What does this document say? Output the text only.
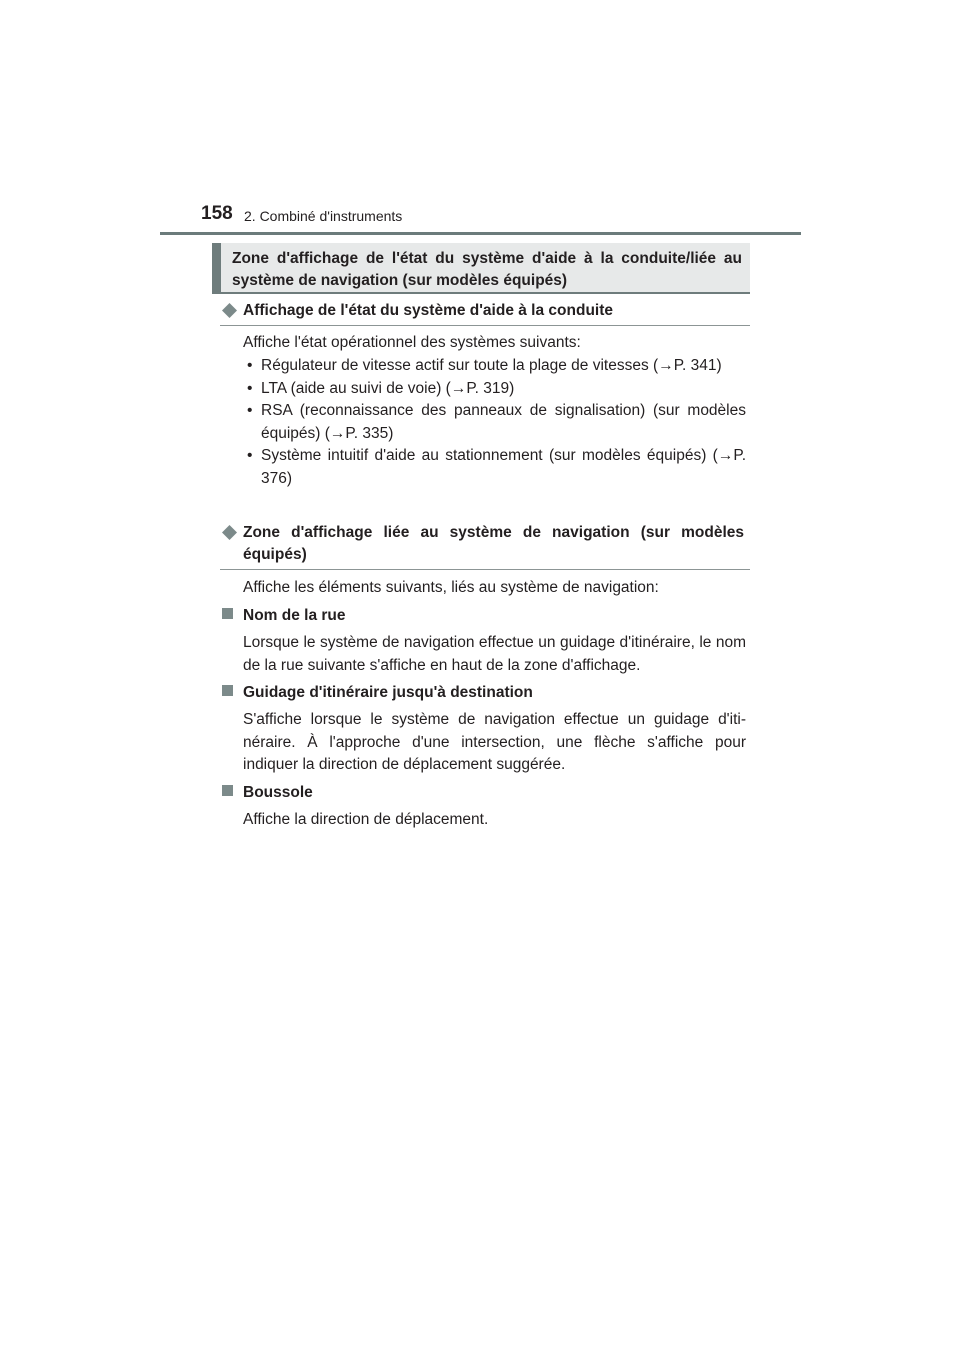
158 2. Combiné d'instruments
Zone d'affichage de l'état du système d'aide à la conduite/liée au système de navigation (sur modèles équipés)
Affichage de l'état du système d'aide à la conduite
Affiche l'état opérationnel des systèmes suivants:
• Régulateur de vitesse actif sur toute la plage de vitesses (→P. 341)
• LTA (aide au suivi de voie) (→P. 319)
• RSA (reconnaissance des panneaux de signalisation) (sur modèles équipés) (→P. 335)
• Système intuitif d'aide au stationnement (sur modèles équipés) (→P. 376)
Zone d'affichage liée au système de navigation (sur modèles équipés)
Affiche les éléments suivants, liés au système de navigation:
Nom de la rue
Lorsque le système de navigation effectue un guidage d'itinéraire, le nom de la rue suivante s'affiche en haut de la zone d'affichage.
Guidage d'itinéraire jusqu'à destination
S'affiche lorsque le système de navigation effectue un guidage d'iti-néraire. À l'approche d'une intersection, une flèche s'affiche pour indiquer la direction de déplacement suggérée.
Boussole
Affiche la direction de déplacement.
